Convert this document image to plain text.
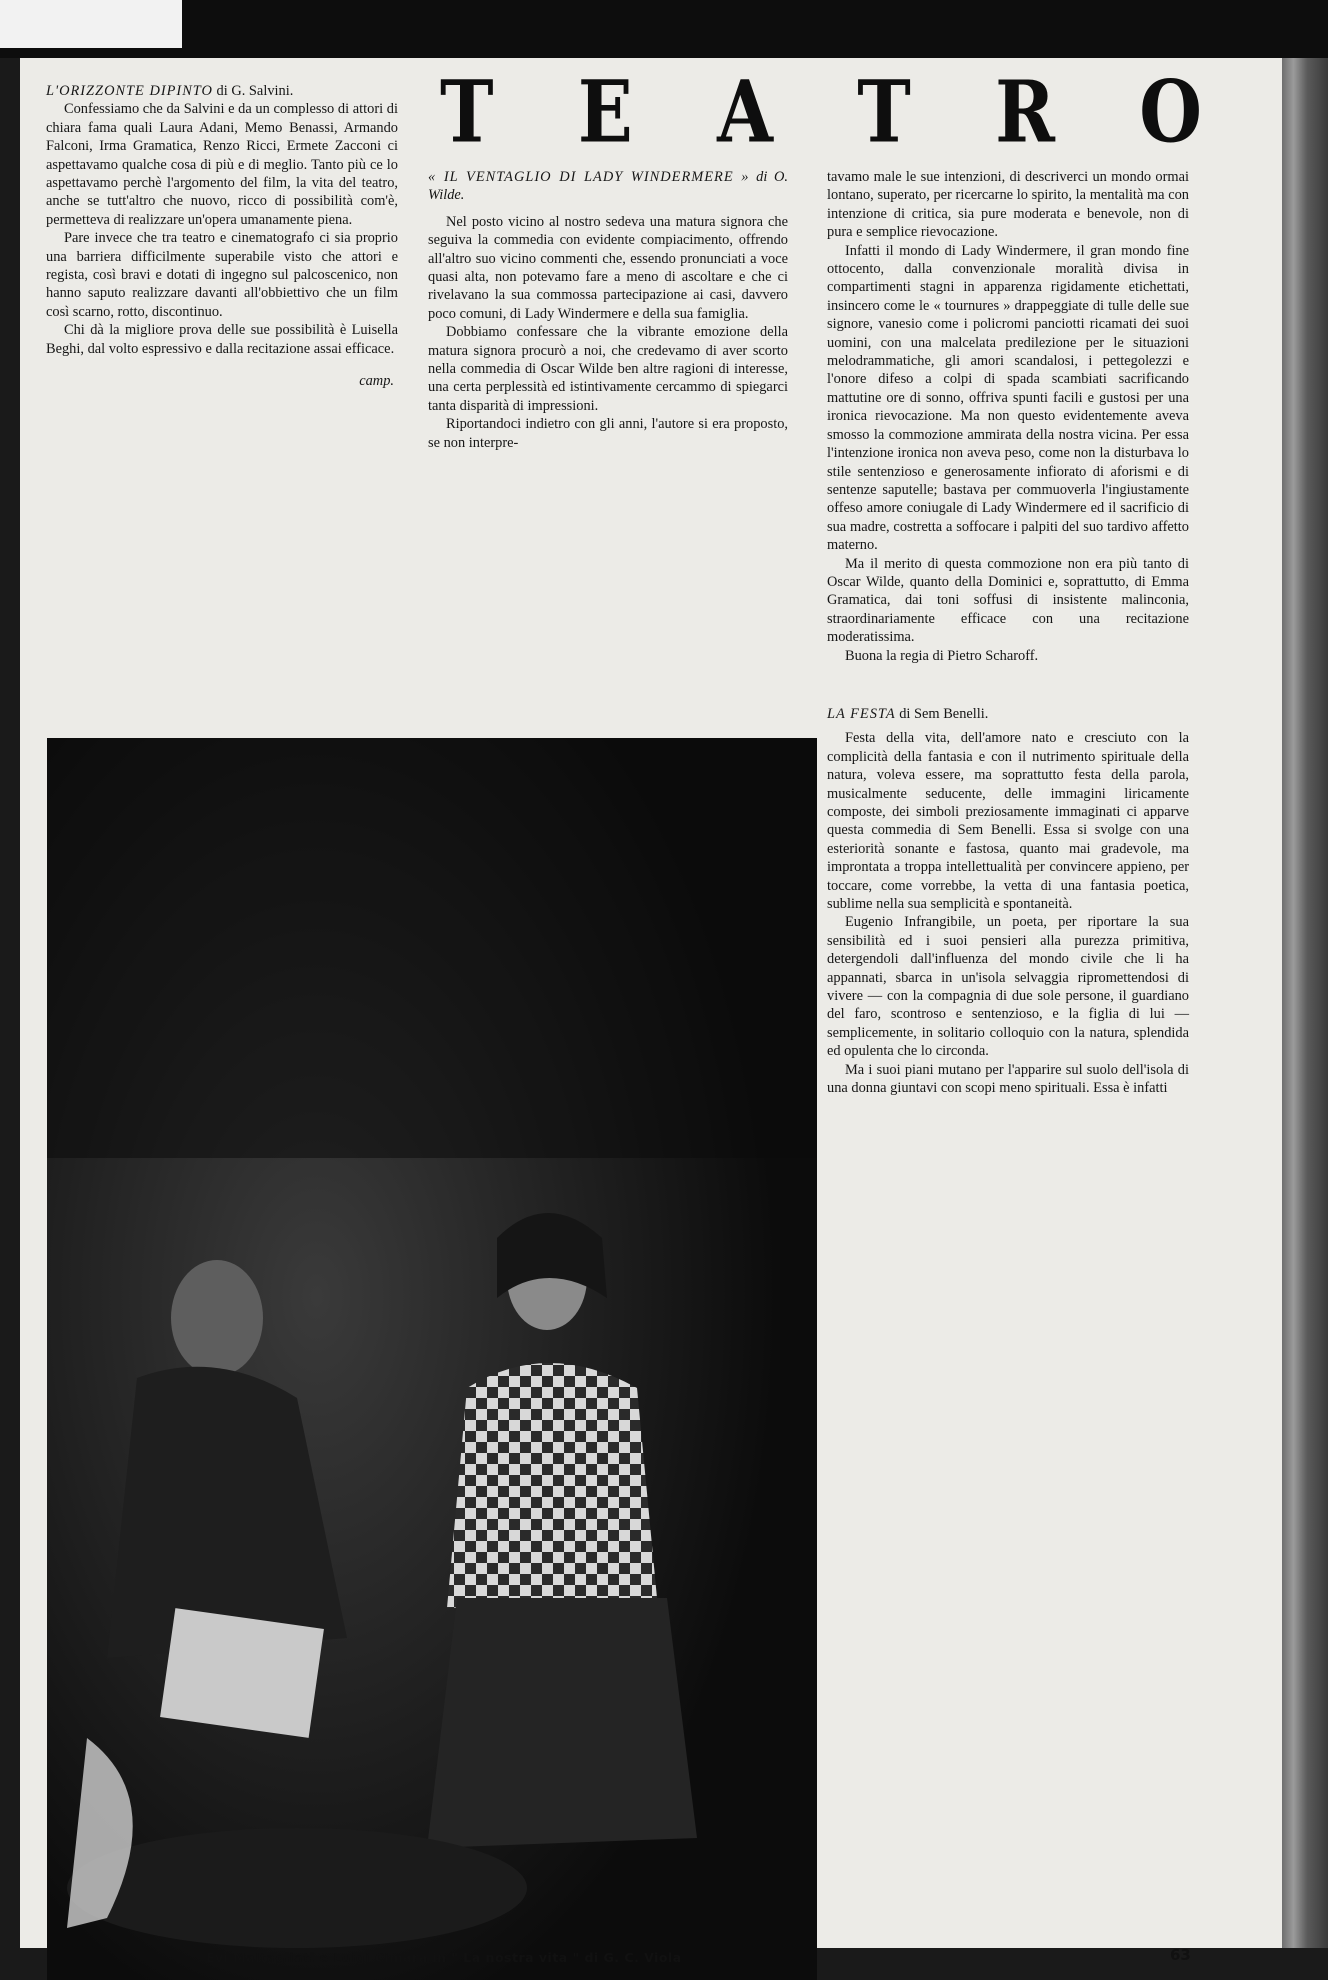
T E A T R O

L'ORIZZONTE DIPINTO di G. Salvini.

Confessiamo che da Salvini e da un complesso di attori di chiara fama quali Laura Adani, Memo Benassi, Armando Falconi, Irma Gramatica, Renzo Ricci, Ermete Zacconi ci aspettavamo qualche cosa di più e di meglio. Tanto più ce lo aspettavamo perchè l'argomento del film, la vita del teatro, anche se tutt'altro che nuovo, ricco di possibilità com'è, permetteva di realizzare un'opera umanamente piena.

Pare invece che tra teatro e cinematografo ci sia proprio una barriera difficilmente superabile visto che attori e regista, così bravi e dotati di ingegno sul palcoscenico, non hanno saputo realizzare davanti all'obbiettivo che un film così scarno, rotto, discontinuo.

Chi dà la migliore prova delle sue possibilità è Luisella Beghi, dal volto espressivo e dalla recitazione assai efficace.

camp.

« IL VENTAGLIO DI LADY WINDERMERE » di O. Wilde.

Nel posto vicino al nostro sedeva una matura signora che seguiva la commedia con evidente compiacimento, offrendo all'altro suo vicino commenti che, essendo pronunciati a voce quasi alta, non potevamo fare a meno di ascoltare e che ci rivelavano la sua commossa partecipazione ai casi, davvero poco comuni, di Lady Windermere e della sua famiglia.

Dobbiamo confessare che la vibrante emozione della matura signora procurò a noi, che credevamo di aver scorto nella commedia di Oscar Wilde ben altre ragioni di interesse, una certa perplessità ed istintivamente cercammo di spiegarci tanta disparità di impressioni.

Riportandoci indietro con gli anni, l'autore si era proposto, se non interpre-

tavamo male le sue intenzioni, di descriverci un mondo ormai lontano, superato, per ricercarne lo spirito, la mentalità ma con intenzione di critica, sia pure moderata e benevole, non di pura e semplice rievocazione.

Infatti il mondo di Lady Windermere, il gran mondo fine ottocento, dalla convenzionale moralità divisa in compartimenti stagni in apparenza rigidamente etichettati, insincero come le « tournures » drappeggiate di tulle delle sue signore, vanesio come i policromi panciotti ricamati dei suoi uomini, con una malcelata predilezione per le situazioni melodrammatiche, gli amori scandalosi, i pettegolezzi e l'onore difeso a colpi di spada scambiati sacrificando mattutine ore di sonno, offriva spunti facili e gustosi per una ironica rievocazione. Ma non questo evidentemente aveva smosso la commozione ammirata della nostra vicina. Per essa l'intenzione ironica non aveva peso, come non la disturbava lo stile sentenzioso e generosamente infiorato di aforismi e di sentenze saputelle; bastava per commuoverla l'ingiustamente offeso amore coniugale di Lady Windermere ed il sacrificio di sua madre, costretta a soffocare i palpiti del suo tardivo affetto materno.

Ma il merito di questa commozione non era più tanto di Oscar Wilde, quanto della Dominici e, soprattutto, di Emma Gramatica, dai toni soffusi di insistente malinconia, straordinariamente efficace con una recitazione moderatissima.

Buona la regia di Pietro Scharoff.

LA FESTA di Sem Benelli.

Festa della vita, dell'amore nato e cresciuto con la complicità della fantasia e con il nutrimento spirituale della natura, voleva essere, ma soprattutto festa della parola, musicalmente seducente, delle immagini liricamente composte, dei simboli preziosamente immaginati ci apparve questa commedia di Sem Benelli. Essa si svolge con una esteriorità sonante e fastosa, quanto mai gradevole, ma improntata a troppa intellettualità per convincere appieno, per toccare, come vorrebbe, la vetta di una fantasia poetica, sublime nella sua semplicità e spontaneità.

Eugenio Infrangibile, un poeta, per riportare la sua sensibilità ed i suoi pensieri alla purezza primitiva, detergendoli dall'influenza del mondo civile che li ha appannati, sbarca in un'isola selvaggia ripromettendosi di vivere — con la compagnia di due sole persone, il guardiano del faro, scontroso e sentenzioso, e la figlia di lui — semplicemente, in solitario colloquio con la natura, splendida ed opulenta che lo circonda.

Ma i suoi piani mutano per l'apparire sul suolo dell'isola di una donna giuntavi con scopi meno spirituali. Essa è infatti

Evi Maltagliati e Luigi Cimara in " La nostra vita " di G. C. Viola	63
